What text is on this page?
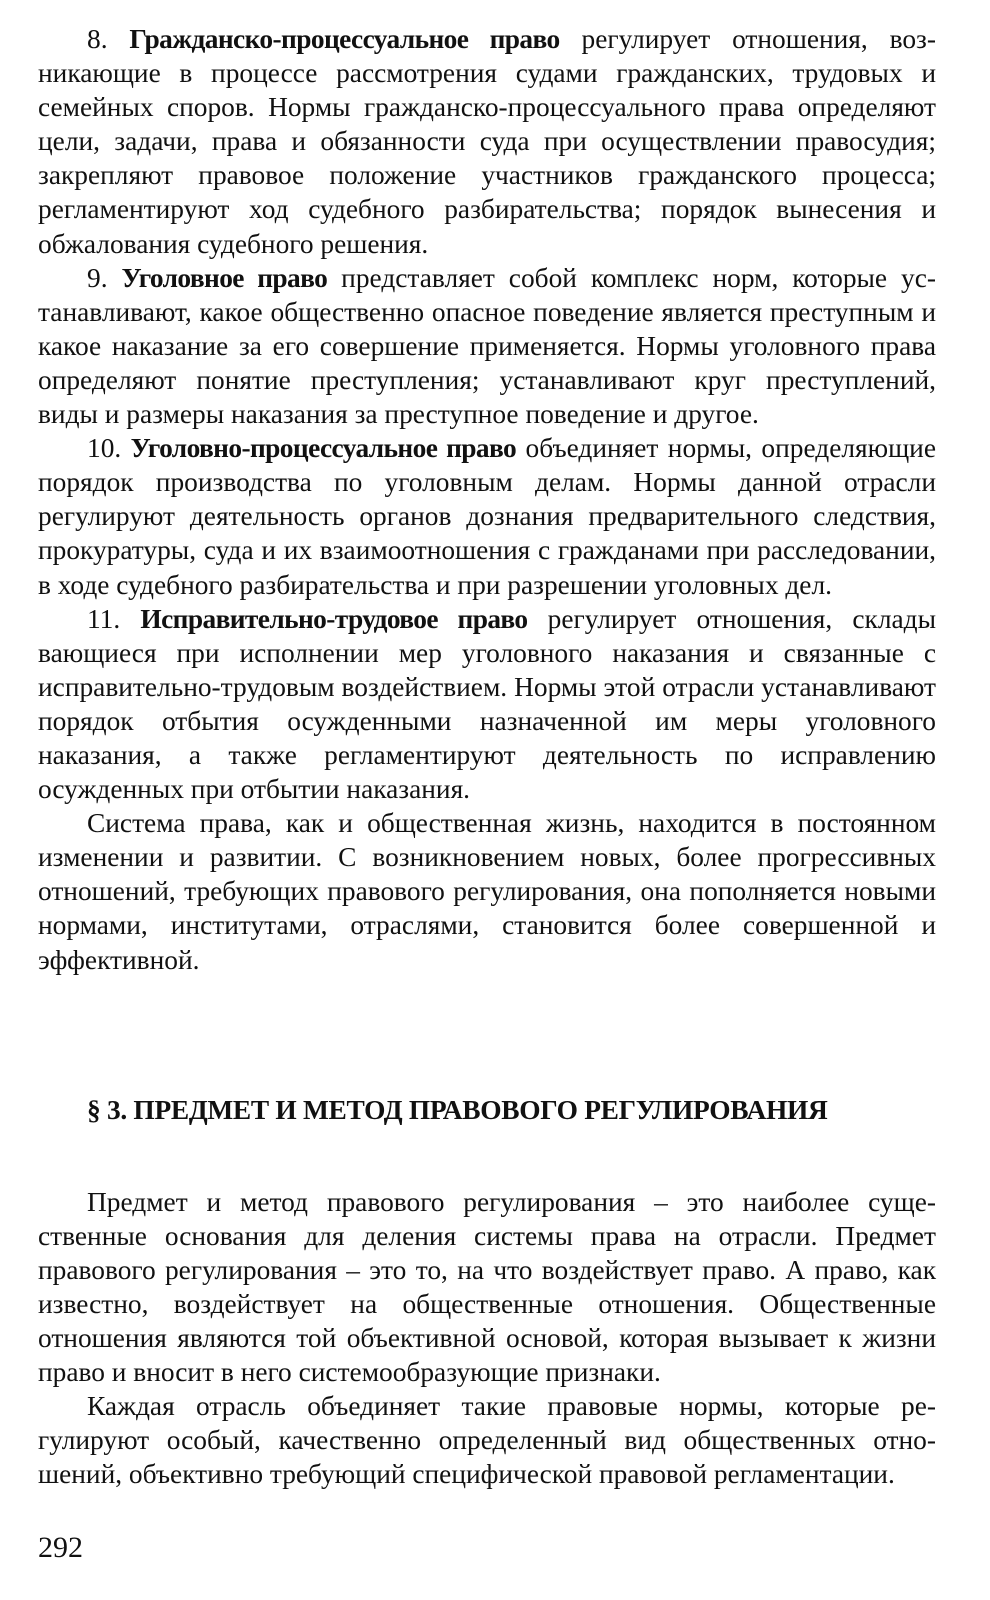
8. Гражданско-процессуальное право регулирует отношения, возникающие в процессе рассмотрения судами гражданских, трудовых и семейных споров. Нормы гражданско-процессуального права определяют цели, задачи, права и обязанности суда при осуществлении правосудия; закрепляют правовое положение участников гражданского процесса; регламентируют ход судебного разбирательства; порядок вынесения и обжалования судебного решения.

9. Уголовное право представляет собой комплекс норм, которые устанавливают, какое общественно опасное поведение является преступным и какое наказание за его совершение применяется. Нормы уголовного права определяют понятие преступления; устанавливают круг преступлений, виды и размеры наказания за преступное поведение и другое.

10. Уголовно-процессуальное право объединяет нормы, определяющие порядок производства по уголовным делам. Нормы данной отрасли регулируют деятельность органов дознания предварительного следствия, прокуратуры, суда и их взаимоотношения с гражданами при расследовании, в ходе судебного разбирательства и при разрешении уголовных дел.

11. Исправительно-трудовое право регулирует отношения, склады вающиеся при исполнении мер уголовного наказания и связанные с исправительно-трудовым воздействием. Нормы этой отрасли устанавливают порядок отбытия осужденными назначенной им меры уголовного наказания, а также регламентируют деятельность по исправлению осужденных при отбытии наказания.

Система права, как и общественная жизнь, находится в постоянном изменении и развитии. С возникновением новых, более прогрессивных отношений, требующих правового регулирования, она пополняется новыми нормами, институтами, отраслями, становится более совершенной и эффективной.

§ 3. ПРЕДМЕТ И МЕТОД ПРАВОВОГО РЕГУЛИРОВАНИЯ

Предмет и метод правового регулирования – это наиболее существенные основания для деления системы права на отрасли. Предмет правового регулирования – это то, на что воздействует право. А право, как известно, воздействует на общественные отношения. Общественные отношения являются той объективной основой, которая вызывает к жизни право и вносит в него системообразующие признаки.

Каждая отрасль объединяет такие правовые нормы, которые регулируют особый, качественно определенный вид общественных отношений, объективно требующий специфической правовой регламентации.

292
